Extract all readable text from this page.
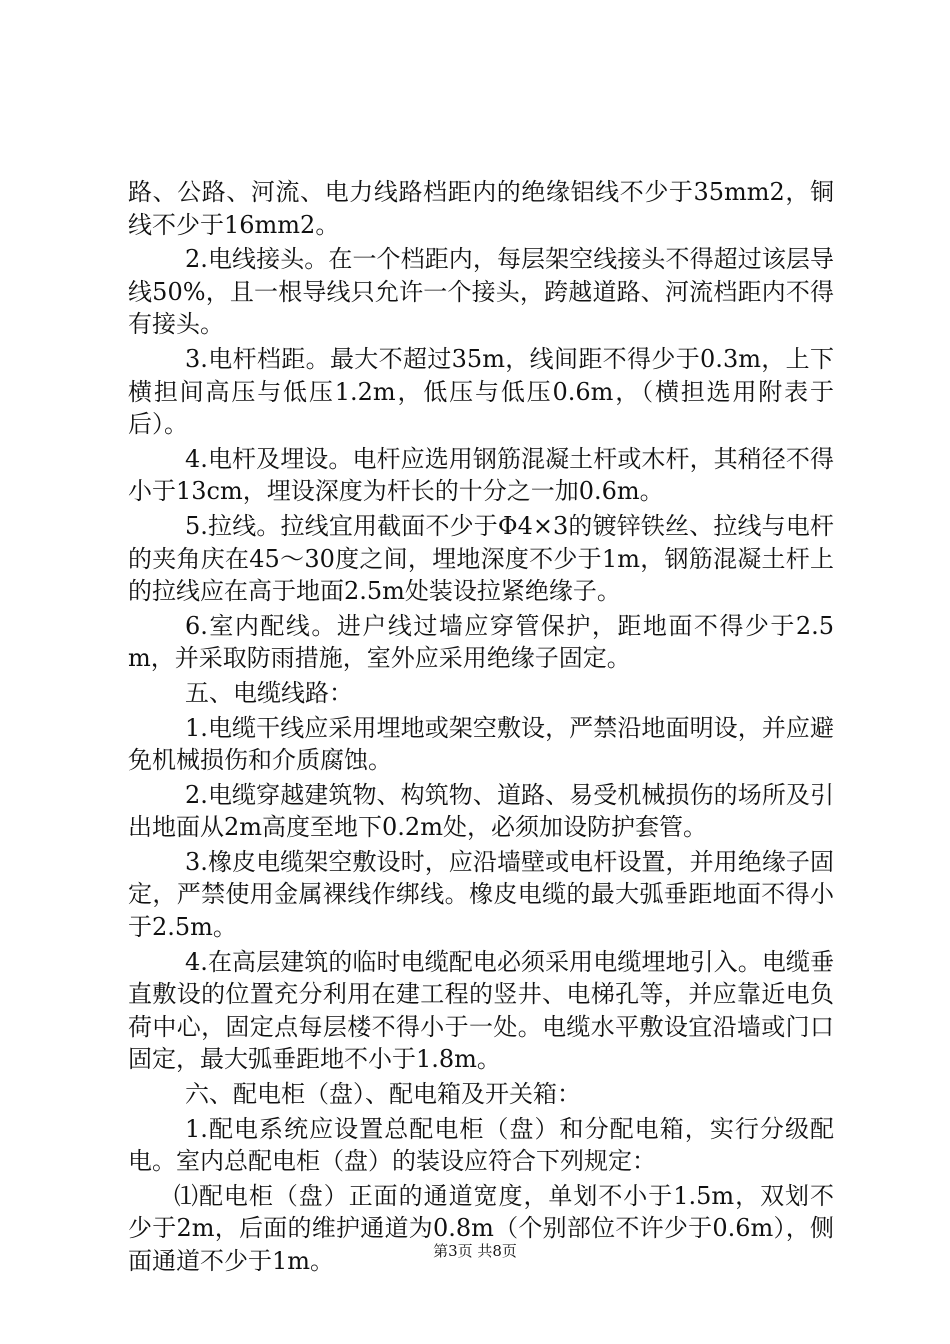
路、公路、河流、电力线路档距内的绝缘铝线不少于35mm2，铜线不少于16mm2。

2.电线接头。在一个档距内，每层架空线接头不得超过该层导线50%，且一根导线只允许一个接头，跨越道路、河流档距内不得有接头。

3.电杆档距。最大不超过35m，线间距不得少于0.3m，上下横担间高压与低压1.2m，低压与低压0.6m，（横担选用附表于后）。

4.电杆及埋设。电杆应选用钢筋混凝土杆或木杆，其稍径不得小于13cm，埋设深度为杆长的十分之一加0.6m。

5.拉线。拉线宜用截面不少于Φ4×3的镀锌铁丝、拉线与电杆的夹角庆在45～30度之间，埋地深度不少于1m，钢筋混凝土杆上的拉线应在高于地面2.5m处装设拉紧绝缘子。

6.室内配线。进户线过墙应穿管保护，距地面不得少于2.5m，并采取防雨措施，室外应采用绝缘子固定。

五、电缆线路：

1.电缆干线应采用埋地或架空敷设，严禁沿地面明设，并应避免机械损伤和介质腐蚀。

2.电缆穿越建筑物、构筑物、道路、易受机械损伤的场所及引出地面从2m高度至地下0.2m处，必须加设防护套管。

3.橡皮电缆架空敷设时，应沿墙壁或电杆设置，并用绝缘子固定，严禁使用金属裸线作绑线。橡皮电缆的最大弧垂距地面不得小于2.5m。

4.在高层建筑的临时电缆配电必须采用电缆埋地引入。电缆垂直敷设的位置充分利用在建工程的竖井、电梯孔等，并应靠近电负荷中心，固定点每层楼不得小于一处。电缆水平敷设宜沿墙或门口固定，最大弧垂距地不小于1.8m。

六、配电柜（盘）、配电箱及开关箱：

1.配电系统应设置总配电柜（盘）和分配电箱，实行分级配电。室内总配电柜（盘）的装设应符合下列规定：

⑴配电柜（盘）正面的通道宽度，单划不小于1.5m，双划不少于2m，后面的维护通道为0.8m（个别部位不许少于0.6m），侧面通道不少于1m。	第3页 共8页
